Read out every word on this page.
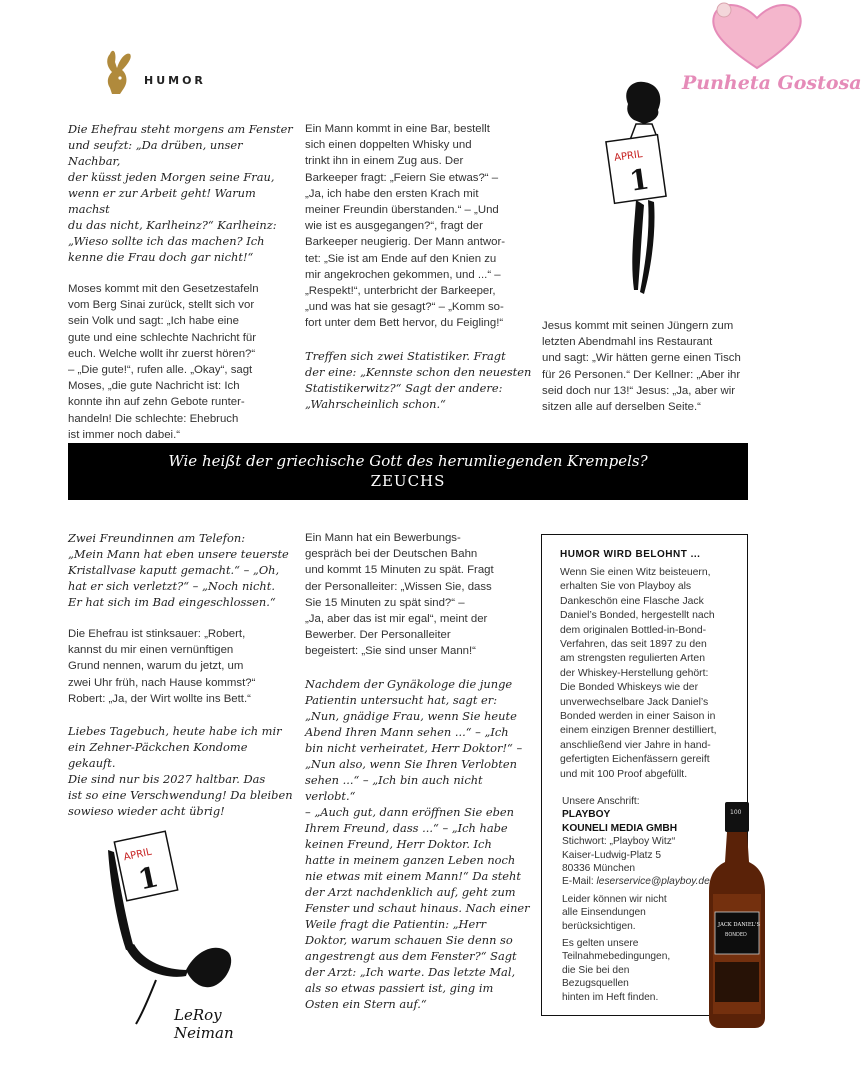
Punheta Gostosa
HUMOR

Die Ehefrau steht morgens am Fenster
und seufzt: „Da drüben, unser Nachbar,
der küsst jeden Morgen seine Frau,
wenn er zur Arbeit geht! Warum machst
du das nicht, Karlheinz?“ Karlheinz:
„Wieso sollte ich das machen? Ich
kenne die Frau doch gar nicht!“

Moses kommt mit den Gesetzestafeln
vom Berg Sinai zurück, stellt sich vor
sein Volk und sagt: „Ich habe eine
gute und eine schlechte Nachricht für
euch. Welche wollt ihr zuerst hören?“
– „Die gute!“, rufen alle. „Okay“, sagt
Moses, „die gute Nachricht ist: Ich
konnte ihn auf zehn Gebote runter-
handeln! Die schlechte: Ehebruch
ist immer noch dabei.“

Ein Mann kommt in eine Bar, bestellt
sich einen doppelten Whisky und
trinkt ihn in einem Zug aus. Der
Barkeeper fragt: „Feiern Sie etwas?“ –
„Ja, ich habe den ersten Krach mit
meiner Freundin überstanden.“ – „Und
wie ist es ausgegangen?“, fragt der
Barkeeper neugierig. Der Mann antwor-
tet: „Sie ist am Ende auf den Knien zu
mir angekrochen gekommen, und ...“ –
„Respekt!“, unterbricht der Barkeeper,
„und was hat sie gesagt?“ – „Komm so-
fort unter dem Bett hervor, du Feigling!“

Treffen sich zwei Statistiker. Fragt
der eine: „Kennste schon den neuesten
Statistikerwitz?“ Sagt der andere:
„Wahrscheinlich schon.“

APRIL
1

Jesus kommt mit seinen Jüngern zum
letzten Abendmahl ins Restaurant
und sagt: „Wir hätten gerne einen Tisch
für 26 Personen.“ Der Kellner: „Aber ihr
seid doch nur 13!“ Jesus: „Ja, aber wir
sitzen alle auf derselben Seite.“

Wie heißt der griechische Gott des herumliegenden Krempels?
ZEUCHS

Zwei Freundinnen am Telefon:
„Mein Mann hat eben unsere teuerste
Kristallvase kaputt gemacht.“ – „Oh,
hat er sich verletzt?“ – „Noch nicht.
Er hat sich im Bad eingeschlossen.“

Die Ehefrau ist stinksauer: „Robert,
kannst du mir einen vernünftigen
Grund nennen, warum du jetzt, um
zwei Uhr früh, nach Hause kommst?“
Robert: „Ja, der Wirt wollte ins Bett.“

Liebes Tagebuch, heute habe ich mir
ein Zehner-Päckchen Kondome gekauft.
Die sind nur bis 2027 haltbar. Das
ist so eine Verschwendung! Da bleiben
sowieso wieder acht übrig!

APRIL
1
LeRoy Neiman

Ein Mann hat ein Bewerbungs-
gespräch bei der Deutschen Bahn
und kommt 15 Minuten zu spät. Fragt
der Personalleiter: „Wissen Sie, dass
Sie 15 Minuten zu spät sind?“ –
„Ja, aber das ist mir egal“, meint der
Bewerber. Der Personalleiter
begeistert: „Sie sind unser Mann!“

Nachdem der Gynäkologe die junge
Patientin untersucht hat, sagt er:
„Nun, gnädige Frau, wenn Sie heute
Abend Ihren Mann sehen ...“ – „Ich
bin nicht verheiratet, Herr Doktor!“ –
„Nun also, wenn Sie Ihren Verlobten
sehen ...“ – „Ich bin auch nicht verlobt.“
– „Auch gut, dann eröffnen Sie eben
Ihrem Freund, dass ...“ – „Ich habe
keinen Freund, Herr Doktor. Ich
hatte in meinem ganzen Leben noch
nie etwas mit einem Mann!“ Da steht
der Arzt nachdenklich auf, geht zum
Fenster und schaut hinaus. Nach einer
Weile fragt die Patientin: „Herr
Doktor, warum schauen Sie denn so
angestrengt aus dem Fenster?“ Sagt
der Arzt: „Ich warte. Das letzte Mal,
als so etwas passiert ist, ging im
Osten ein Stern auf.“

HUMOR WIRD BELOHNT ...

Wenn Sie einen Witz beisteuern,
erhalten Sie von Playboy als
Dankeschön eine Flasche Jack
Daniel’s Bonded, hergestellt nach
dem originalen Bottled-in-Bond-
Verfahren, das seit 1897 zu den
am strengsten regulierten Arten
der Whiskey-Herstellung gehört:
Die Bonded Whiskeys wie der
unverwechselbare Jack Daniel’s
Bonded werden in einer Saison in
einem einzigen Brenner destilliert,
anschließend vier Jahre in hand-
gefertigten Eichenfässern gereift
und mit 100 Proof abgefüllt.

Unsere Anschrift:
PLAYBOY
KOUNELI MEDIA GMBH
Stichwort: „Playboy Witz“
Kaiser-Ludwig-Platz 5
80336 München
E-Mail: leserservice@playboy.de
Leider können wir nicht
alle Einsendungen
berücksichtigen.
Es gelten unsere
Teilnahmebedingungen,
die Sie bei den
Bezugsquellen
hinten im Heft finden.
100
JACK DANIEL'S
BONDED
